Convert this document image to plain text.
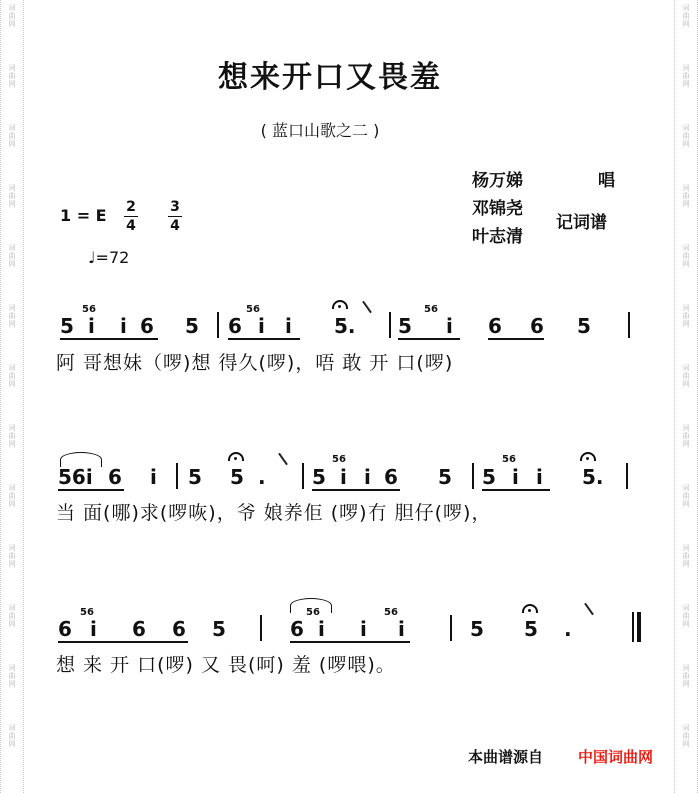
词
曲
网
词
曲
网
词
曲
网
词
曲
网
词
曲
网
词
曲
网
词
曲
网
词
曲
网
词
曲
网
词
曲
网
词
曲
网
词
曲
网
词
曲
网
词
曲
网
词
曲
网
词
曲
网
词
曲
网
词
曲
网
词
曲
网
词
曲
网
词
曲
网
词
曲
网
词
曲
网
词
曲
网
词
曲
网
词
曲
网
想来开口又畏羞
( 蓝口山歌之二 )
杨万娣	唱
邓锦尧
记词谱
叶志清
1 = E $\frac{2}{4} \frac{3}{4}$
♩=72
5
56
i i 6 5 6
56
i i 5. 5
56
i 6 6 5
阿 哥想妹（啰)想 得久(啰)，唔 敢 开 口(啰)
56i 6 i 5 5 . 5
56
i i 6 5 5
56
i i 5.
当 面(哪)求(啰咴)，爷 娘养佢 (啰)冇 胆仔(啰)，
6
56
i 6 6 5	6
56
i i
56
i	5 5 .
想 来 开 口(啰) 又 畏(呵) 羞 (啰喂)。
本曲谱源自 中国词曲网
